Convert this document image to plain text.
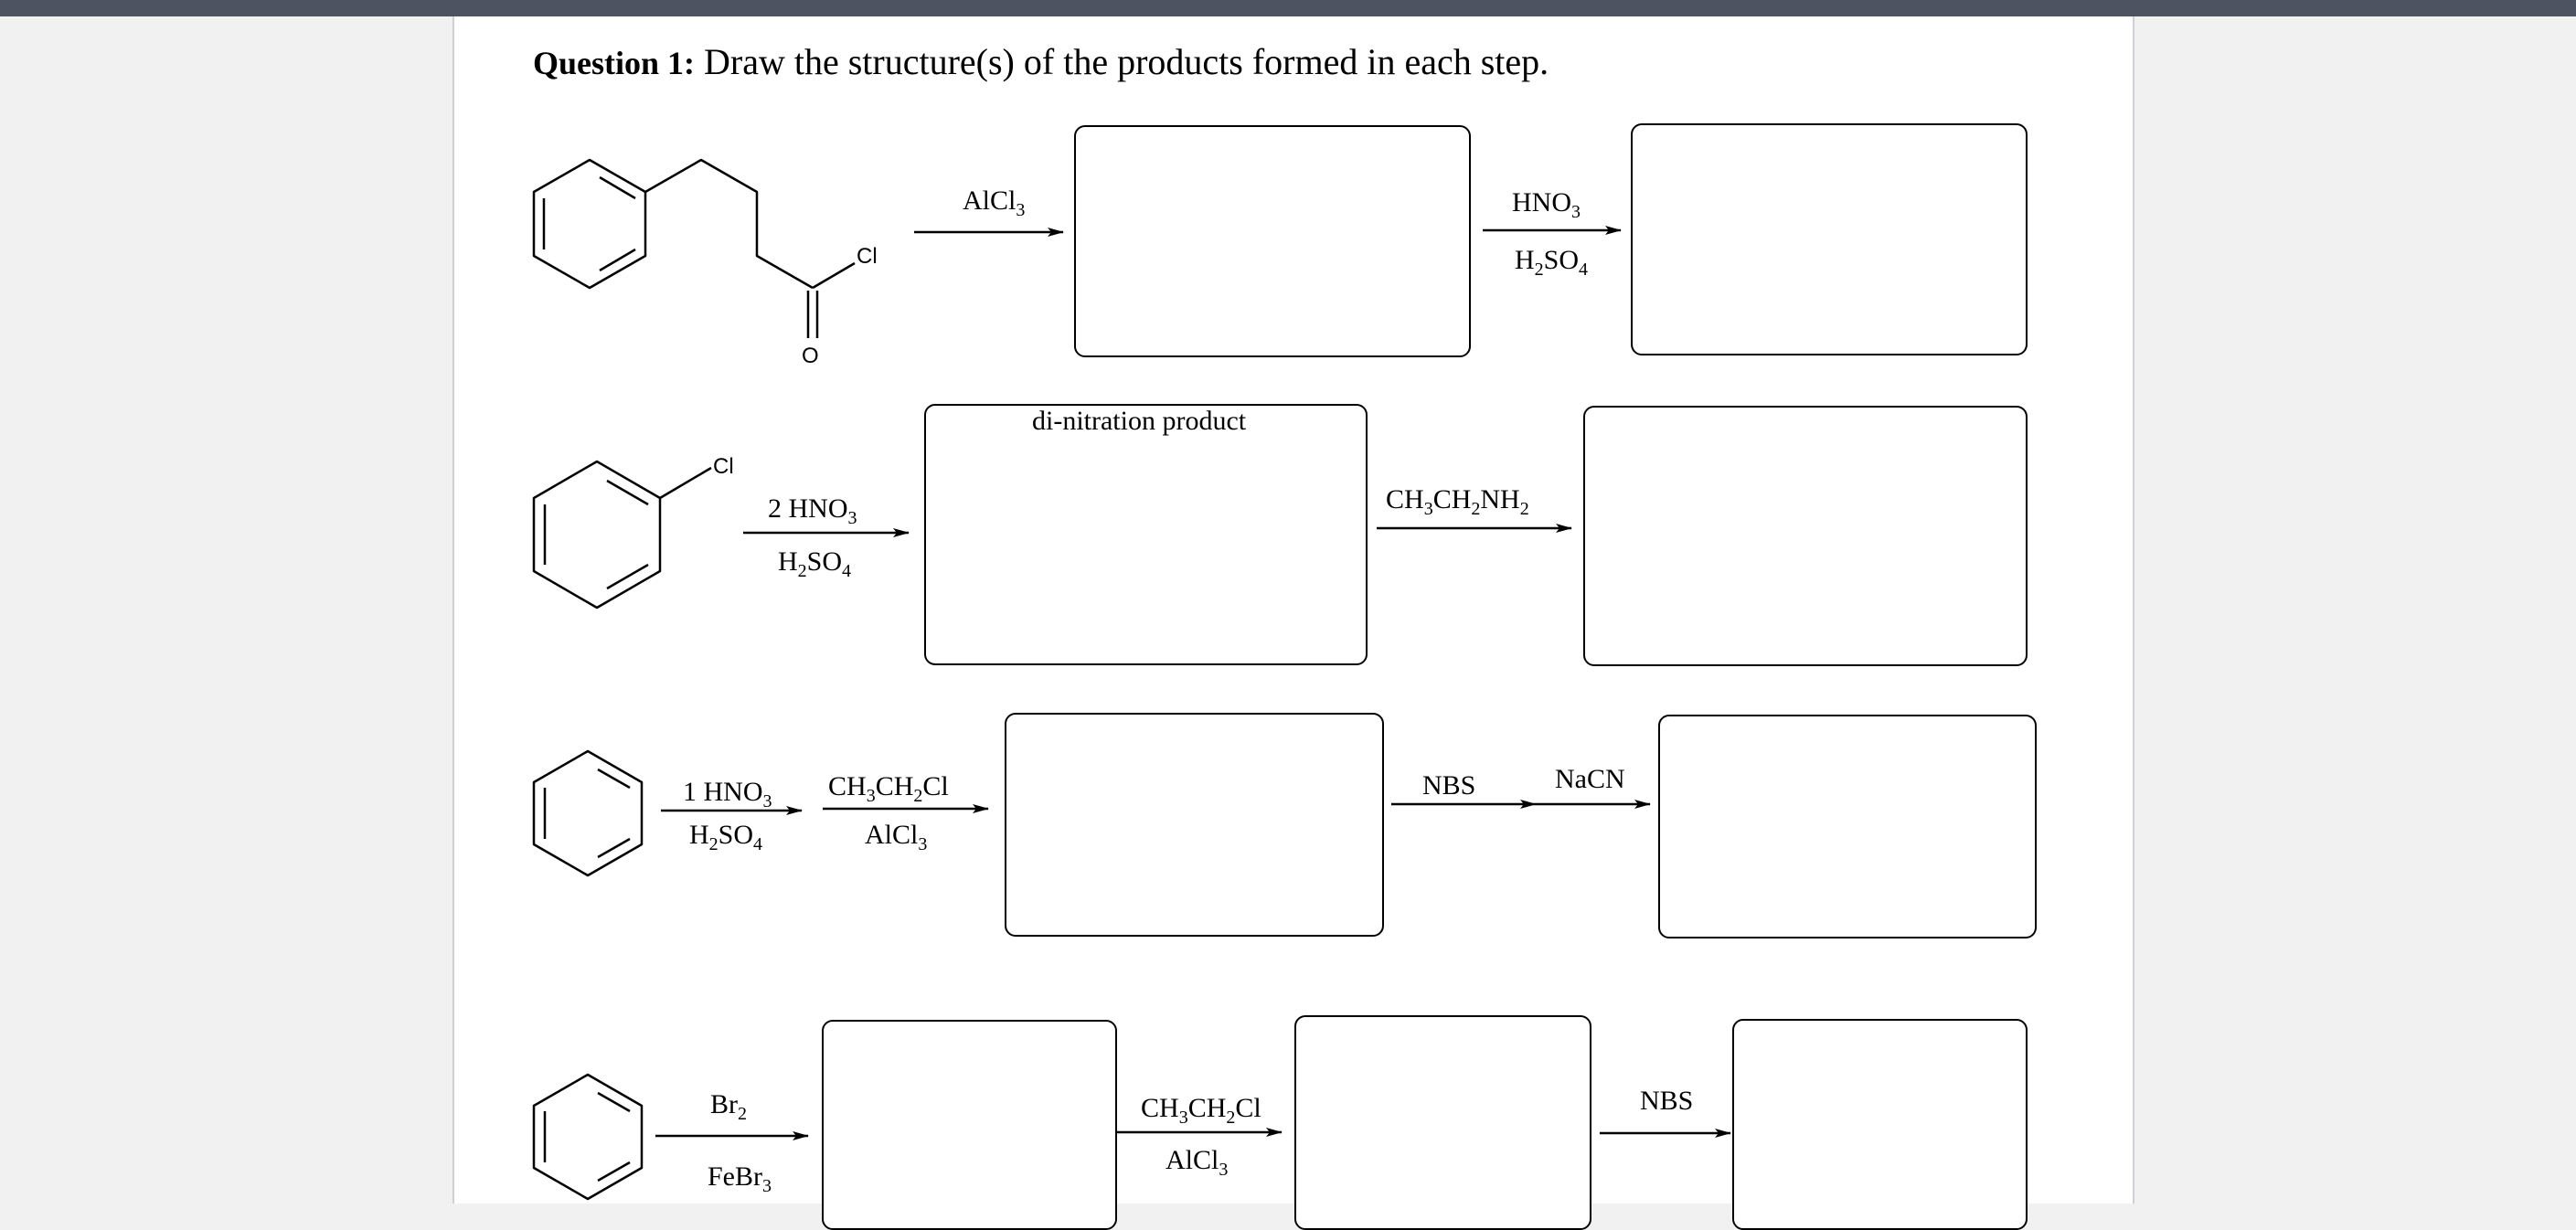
Question 1: Draw the structure(s) of the products formed in each step.
Cl
O
Cl
di-nitration product
AlCl$_3$	$HNO_3$
$H_2SO_4$
2 $HNO_3$
$H_2SO_4$
$CH_3CH_2NH_2$
1 $HNO_3$
$H_2SO_4$
$CH_3CH_2Cl$
AlCl$_3$
NBS	NaCN
$Br_2$
FeBr$_3$
$CH_3CH_2Cl$
AlCl$_3$
NBS
